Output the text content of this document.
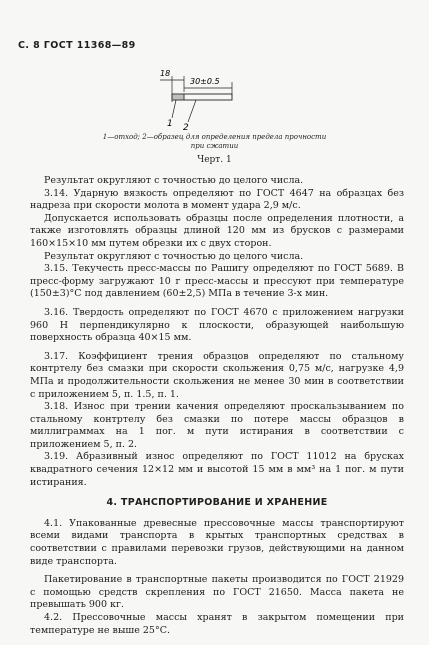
С. 8 ГОСТ 11368—89
18
30±0.5
1 2
1—отход; 2—образец для определения предела прочности
при сжатии
Черт. 1

Результат округляют с точностью до целого числа.

3.14. Ударную вязкость определяют по ГОСТ 4647 на образцах без надреза при скорости молота в момент удара 2,9 м/с.

Допускается использовать образцы после определения плотности, а также изготовлять образцы длиной 120 мм из брусков с размерами 160×15×10 мм путем обрезки их с двух сторон.

Результат округляют с точностью до целого числа.

3.15. Текучесть пресс-массы по Рашигу определяют по ГОСТ 5689. В пресс-форму загружают 10 г пресс-массы и прессуют при температуре (150±3)°С под давлением (60±2,5) МПа в течение 3-х мин.

3.16. Твердость определяют по ГОСТ 4670 с приложением нагрузки 960 Н перпендикулярно к плоскости, образующей наибольшую поверхность образца 40×15 мм.

3.17. Коэффициент трения образцов определяют по стальному контртелу без смазки при скорости скольжения 0,75 м/с, нагрузке 4,9 МПа и продолжительности скольжения не менее 30 мин в соответствии с приложением 5, п. 1.5, п. 1.

3.18. Износ при трении качения определяют проскальзыванием по стальному контртелу без смазки по потере массы образцов в миллиграммах на 1 пог. м пути истирания в соответствии с приложением 5, п. 2.

3.19. Абразивный износ определяют по ГОСТ 11012 на брусках квадратного сечения 12×12 мм и высотой 15 мм в мм³ на 1 пог. м пути истирания.

4. ТРАНСПОРТИРОВАНИЕ И ХРАНЕНИЕ

4.1. Упакованные древесные прессовочные массы транспортируют всеми видами транспорта в крытых транспортных средствах в соответствии с правилами перевозки грузов, действующими на данном виде транспорта.

Пакетирование в транспортные пакеты производится по ГОСТ 21929 с помощью средств скрепления по ГОСТ 21650. Масса пакета не превышать 900 кг.

4.2. Прессовочные массы хранят в закрытом помещении при температуре не выше 25°С.
